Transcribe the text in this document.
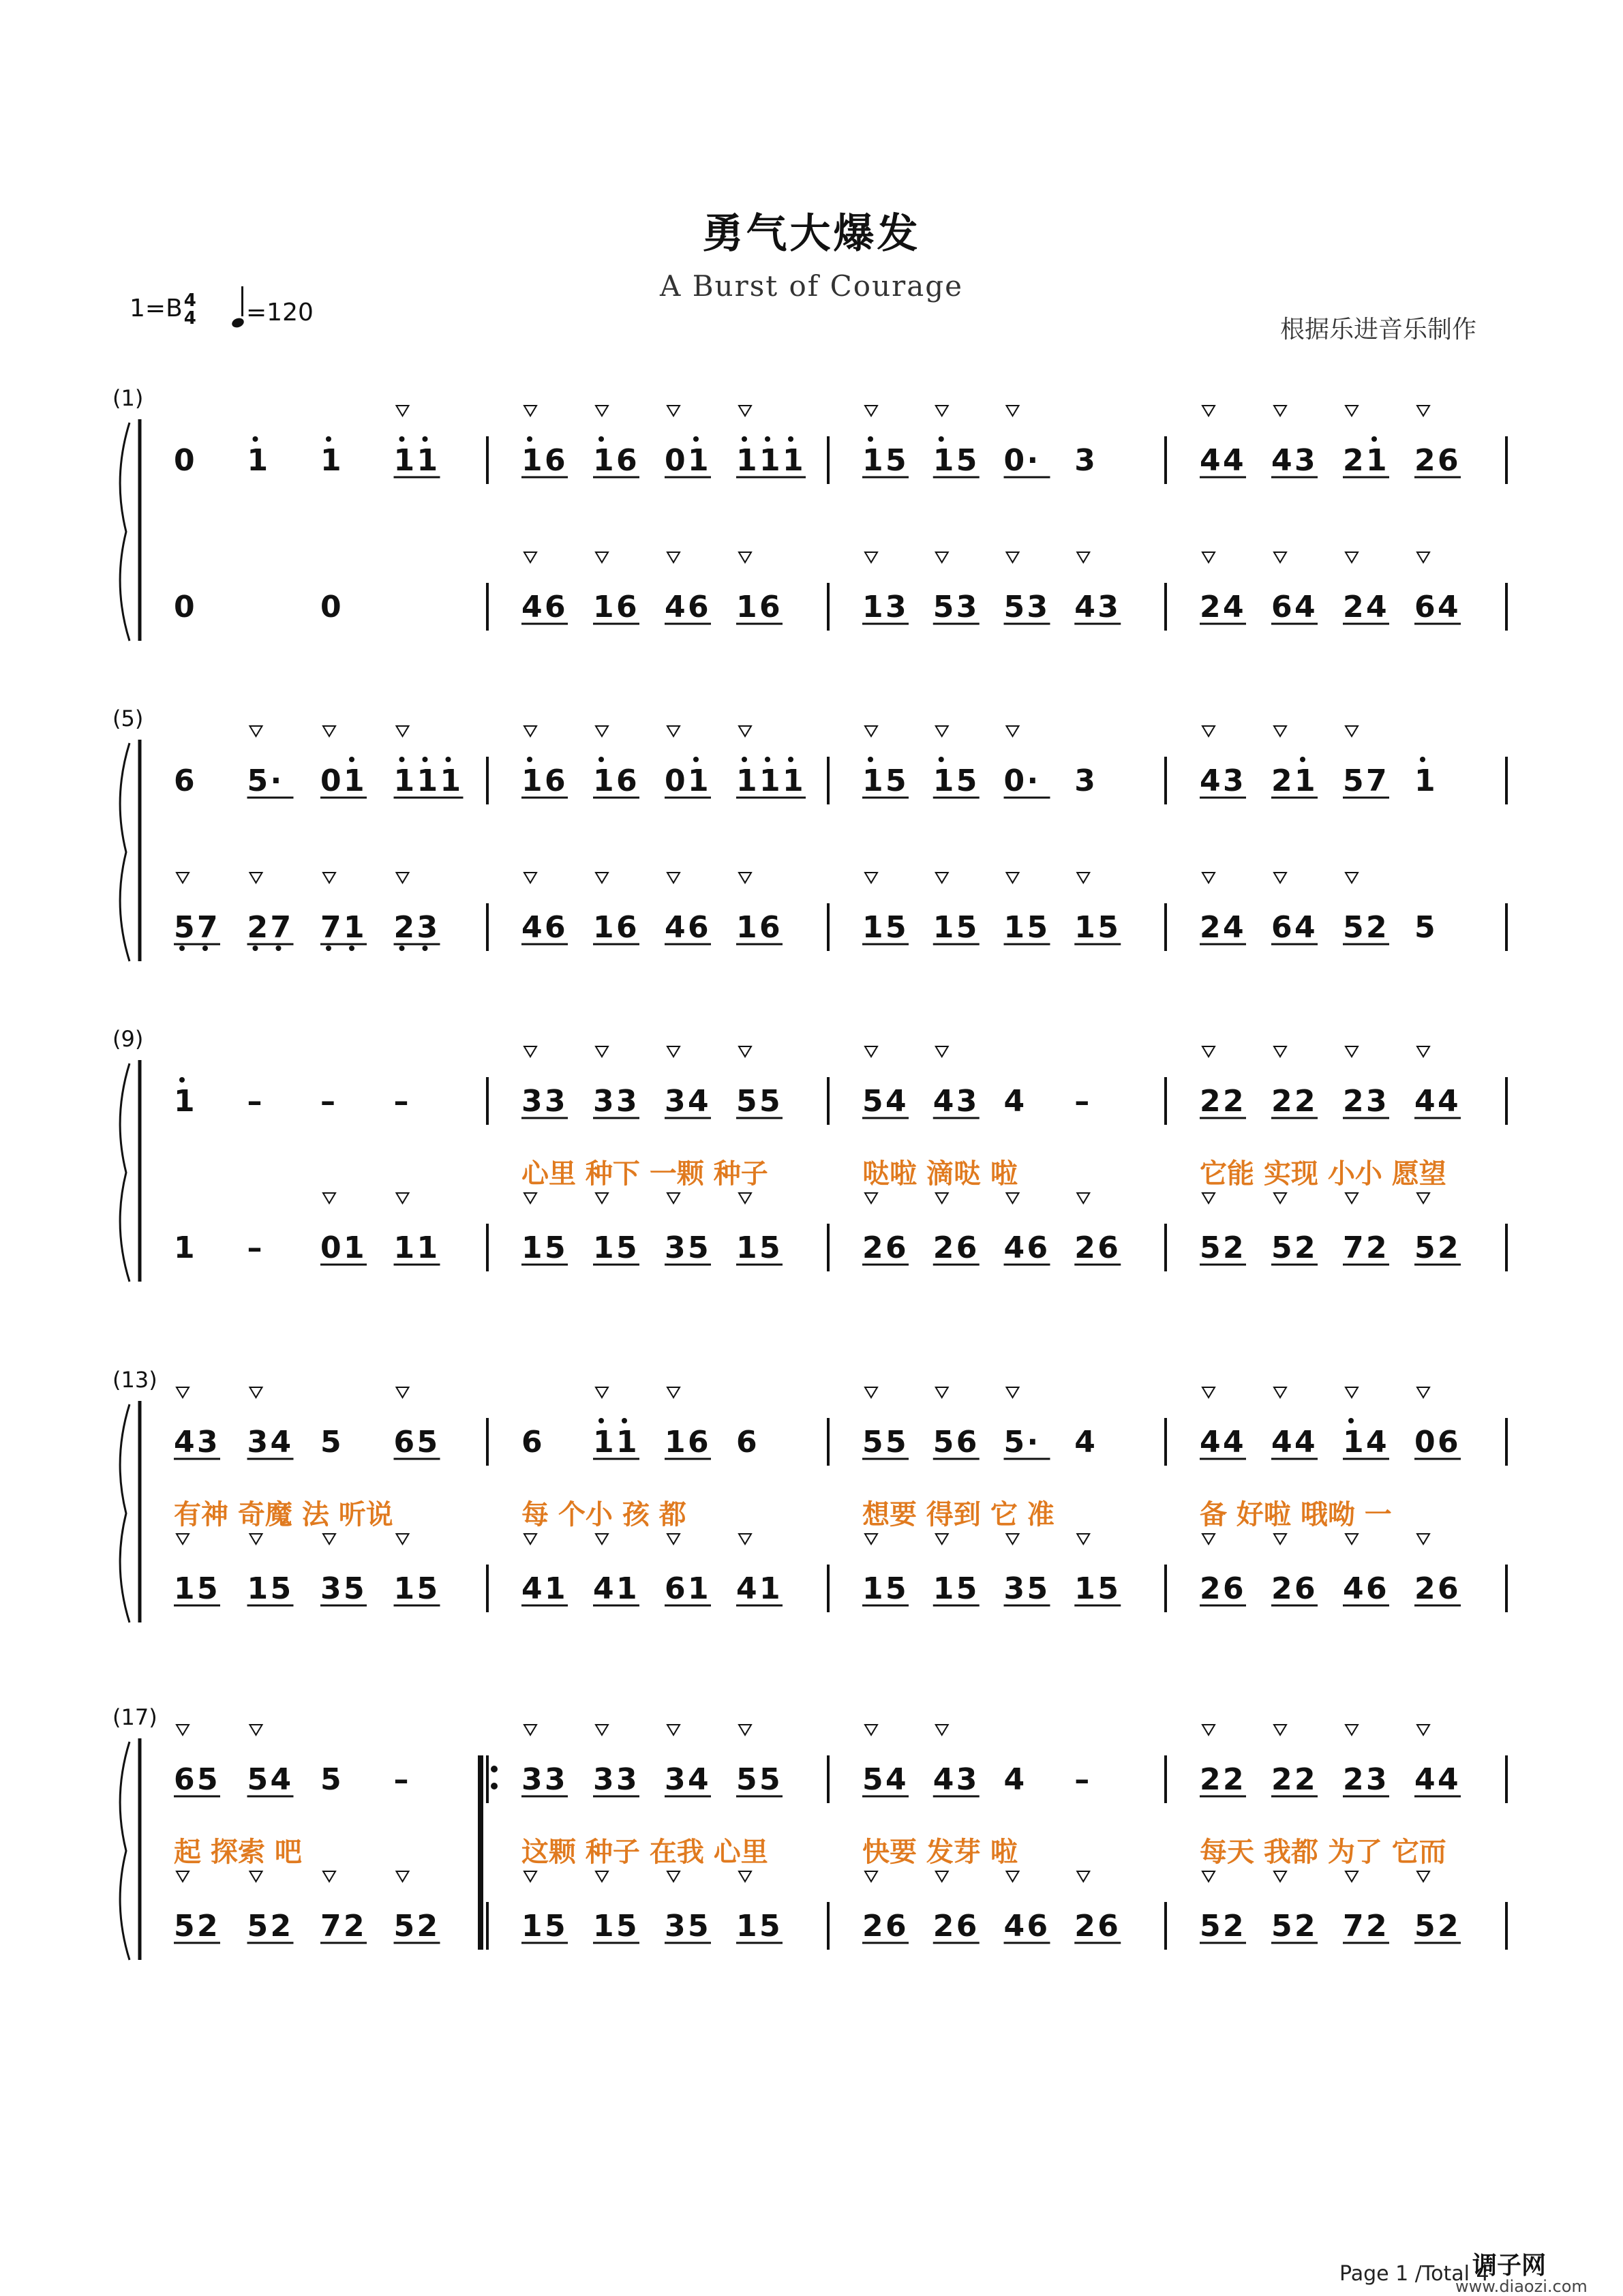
勇气大爆发
A Burst of Courage
1=B4
4	=120
根据乐进音乐制作
(1)
0 1 1 1 1
0	0
1 6 1 6 0 1 1 1 1
4 6 1 6 4 6 1 6
1 5 1 5 0 · 3
1 3 5 3 5 3 4 3
4 4 4 3 2 1 2 6
2 4 6 4 2 4 6 4
(5)
6 5 · 0 1 1 1 1
5 7 2 7 7 1 2 3
1 6 1 6 0 1 1 1 1
4 6 1 6 4 6 1 6
1 5 1 5 0 · 3
1 5 1 5 1 5 1 5
4 3 2 1 5 7 1
2 4 6 4 5 2 5
(9)
1 – – –
1 – 0 1 1 1
3 3 3 3 3 4 5 5
1 5 1 5 3 5 1 5
心里 种下 一颗 种子
5 4 4 3 4 –
2 6 2 6 4 6 2 6
哒啦 滴哒 啦
2 2 2 2 2 3 4 4
5 2 5 2 7 2 5 2
它能 实现 小小 愿望
(13)
4 3 3 4 5 6 5
1 5 1 5 3 5 1 5
有神 奇魔 法 听说
6 1 1 1 6 6
4 1 4 1 6 1 4 1
每 个小 孩 都
5 5 5 6 5 · 4
1 5 1 5 3 5 1 5
想要 得到 它 准
4 4 4 4 1 4 0 6
2 6 2 6 4 6 2 6
备 好啦 哦呦 一
(17)
6 5 5 4 5 –
5 2 5 2 7 2 5 2
起 探索 吧
3 3 3 3 3 4 5 5
1 5 1 5 3 5 1 5
这颗 种子 在我 心里
5 4 4 3 4 –
2 6 2 6 4 6 2 6
快要 发芽 啦
2 2 2 2 2 3 4 4
5 2 5 2 7 2 5 2
每天 我都 为了 它而
Page 1 /Total 4
调子网
www.diaozi.com
